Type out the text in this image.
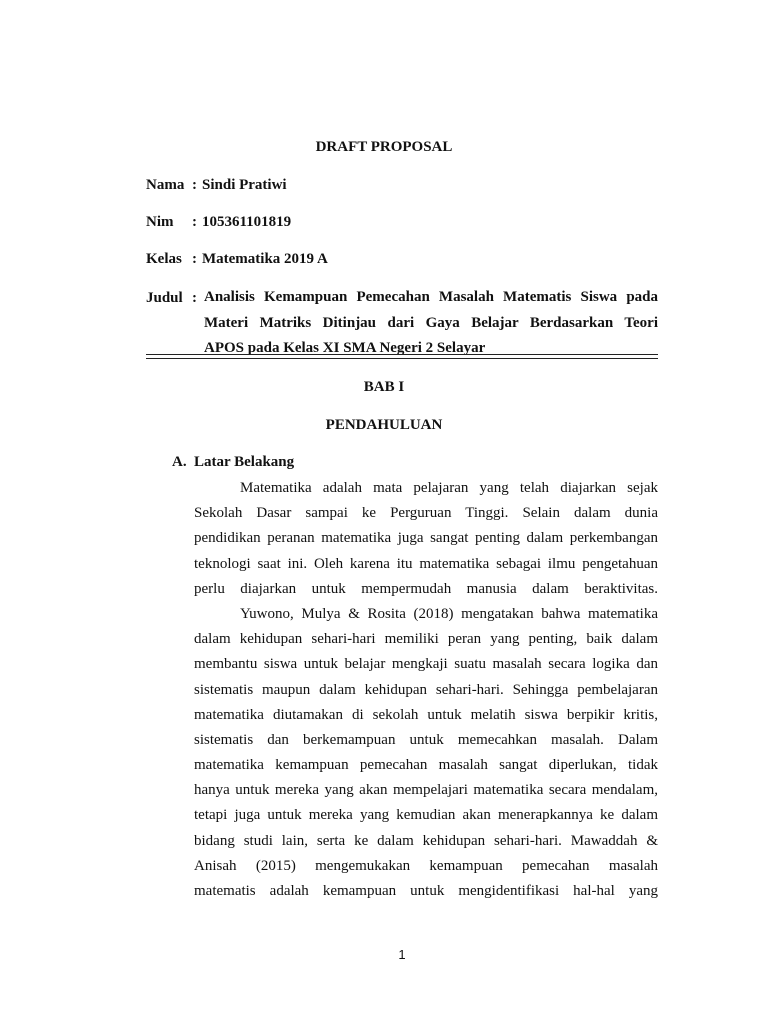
DRAFT PROPOSAL
Nama : Sindi Pratiwi
Nim : 105361101819
Kelas : Matematika 2019 A
Judul : Analisis Kemampuan Pemecahan Masalah Matematis Siswa pada
Materi Matriks Ditinjau dari Gaya Belajar Berdasarkan Teori
APOS pada Kelas XI SMA Negeri 2 Selayar
BAB I
PENDAHULUAN
A. Latar Belakang
Matematika adalah mata pelajaran yang telah diajarkan sejak
Sekolah Dasar sampai ke Perguruan Tinggi. Selain dalam dunia
pendidikan peranan matematika juga sangat penting dalam perkembangan
teknologi saat ini. Oleh karena itu matematika sebagai ilmu pengetahuan
perlu diajarkan untuk mempermudah manusia dalam beraktivitas.
Yuwono, Mulya & Rosita (2018) mengatakan bahwa matematika
dalam kehidupan sehari-hari memiliki peran yang penting, baik dalam
membantu siswa untuk belajar mengkaji suatu masalah secara logika dan
sistematis maupun dalam kehidupan sehari-hari. Sehingga pembelajaran
matematika diutamakan di sekolah untuk melatih siswa berpikir kritis,
sistematis dan berkemampuan untuk memecahkan masalah. Dalam
matematika kemampuan pemecahan masalah sangat diperlukan, tidak
hanya untuk mereka yang akan mempelajari matematika secara mendalam,
tetapi juga untuk mereka yang kemudian akan menerapkannya ke dalam
bidang studi lain, serta ke dalam kehidupan sehari-hari. Mawaddah &
Anisah (2015) mengemukakan kemampuan pemecahan masalah
matematis adalah kemampuan untuk mengidentifikasi hal-hal yang
1
